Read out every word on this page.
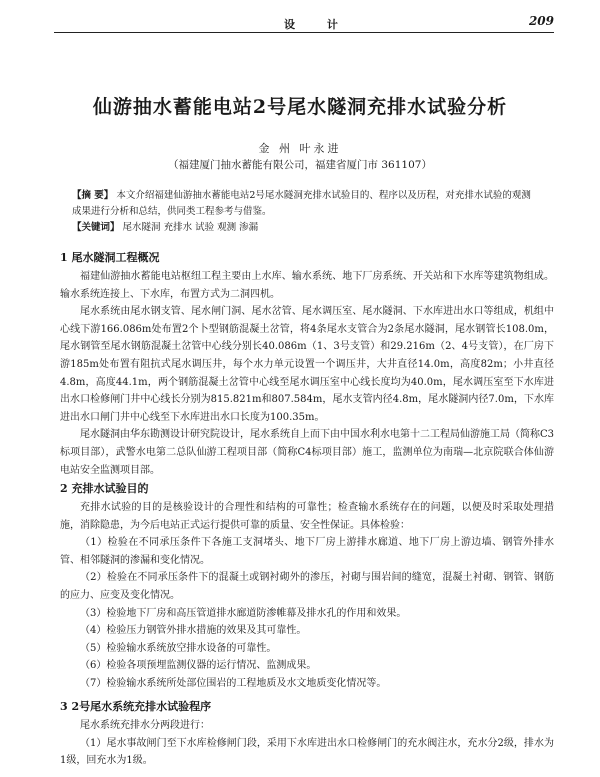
设 计	209
仙游抽水蓄能电站2号尾水隧洞充排水试验分析
金 州 叶永进
（福建厦门抽水蓄能有限公司，福建省厦门市 361107）

【摘 要】 本文介绍福建仙游抽水蓄能电站2号尾水隧洞充排水试验目的、程序以及历程，对充排水试验的观测成果进行分析和总结，供同类工程参考与借鉴。

【关键词】 尾水隧洞 充排水 试验 观测 渗漏

1 尾水隧洞工程概况

福建仙游抽水蓄能电站枢纽工程主要由上水库、输水系统、地下厂房系统、开关站和下水库等建筑物组成。输水系统连接上、下水库，布置方式为二洞四机。

尾水系统由尾水钢支管、尾水闸门洞、尾水岔管、尾水调压室、尾水隧洞、下水库进出水口等组成，机组中心线下游166.086m处布置2个卜型钢筋混凝土岔管，将4条尾水支管合为2条尾水隧洞，尾水钢管长108.0m，尾水钢管至尾水钢筋混凝土岔管中心线分别长40.086m（1、3号支管）和29.216m（2、4号支管），在厂房下游185m处布置有阻抗式尾水调压井，每个水力单元设置一个调压井，大井直径14.0m，高度82m；小井直径4.8m，高度44.1m，两个钢筋混凝土岔管中心线至尾水调压室中心线长度均为40.0m，尾水调压室至下水库进出水口检修闸门井中心线长分别为815.821m和807.584m，尾水支管内径4.8m，尾水隧洞内径7.0m，下水库进出水口闸门井中心线至下水库进出水口长度为100.35m。

尾水隧洞由华东勘测设计研究院设计，尾水系统自上而下由中国水利水电第十二工程局仙游施工局（简称C3标项目部），武警水电第二总队仙游工程项目部（简称C4标项目部）施工，监测单位为南瑞—北京院联合体仙游电站安全监测项目部。

2 充排水试验目的

充排水试验的目的是核验设计的合理性和结构的可靠性；检查输水系统存在的问题，以便及时采取处理措施，消除隐患，为今后电站正式运行提供可靠的质量、安全性保证。具体检验：

（1）检验在不同承压条件下各施工支洞堵头、地下厂房上游排水廊道、地下厂房上游边墙、钢管外排水管、相邻隧洞的渗漏和变化情况。

（2）检验在不同承压条件下的混凝土或钢衬砌外的渗压，衬砌与围岩间的缝宽，混凝土衬砌、钢管、钢筋的应力、应变及变化情况。

（3）检验地下厂房和高压管道排水廊道防渗帷幕及排水孔的作用和效果。

（4）检验压力钢管外排水措施的效果及其可靠性。

（5）检验输水系统放空排水设备的可靠性。

（6）检验各项预埋监测仪器的运行情况、监测成果。

（7）检验输水系统所处部位围岩的工程地质及水文地质变化情况等。

3 2号尾水系统充排水试验程序

尾水系统充排水分两段进行：

（1）尾水事故闸门至下水库检修闸门段，采用下水库进出水口检修闸门的充水阀注水，充水分2级，排水为1级，回充水为1级。
